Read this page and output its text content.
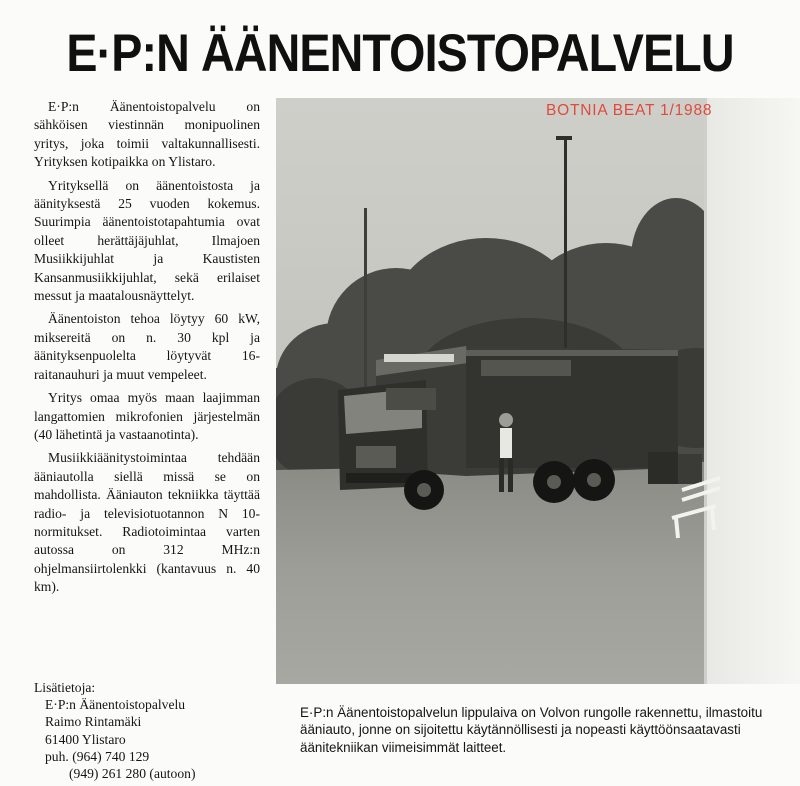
E·P:N ÄÄNENTOISTOPALVELU

E·P:n Äänentoistopalvelu on sähköisen viestinnän monipuolinen yritys, joka toimii valtakunnallisesti. Yrityksen kotipaikka on Ylistaro.

Yrityksellä on äänentoistosta ja äänityksestä 25 vuoden kokemus. Suurimpia äänentoistotapahtumia ovat olleet herättäjäjuhlat, Ilmajoen Musiikkijuhlat ja Kaustisten Kansanmusiikkijuhlat, sekä erilaiset messut ja maatalousnäyttelyt.

Äänentoiston tehoa löytyy 60 kW, miksereitä on n. 30 kpl ja äänityksenpuolelta löytyvät 16-raitanauhuri ja muut vempeleet.

Yritys omaa myös maan laajimman langattomien mikrofonien järjestelmän (40 lähetintä ja vastaanotinta).

Musiikkiäänitystoimintaa tehdään ääniautolla siellä missä se on mahdollista. Ääniauton tekniikka täyttää radio- ja televisiotuotannon N 10-normitukset. Radiotoimintaa varten autossa on 312 MHz:n ohjelmansiirtolenkki (kantavuus n. 40 km).

Lisätietoja:
E·P:n Äänentoistopalvelu
Raimo Rintamäki
61400 Ylistaro
puh. (964) 740 129
(949) 261 280 (autoon)
BOTNIA BEAT 1/1988
E·P:n Äänentoistopalvelun lippulaiva on Volvon rungolle rakennettu, ilmastoitu ääniauto, jonne on sijoitettu käytännöllisesti ja nopeasti käyttöönsaatavasti äänitekniikan viimeisimmät laitteet.
